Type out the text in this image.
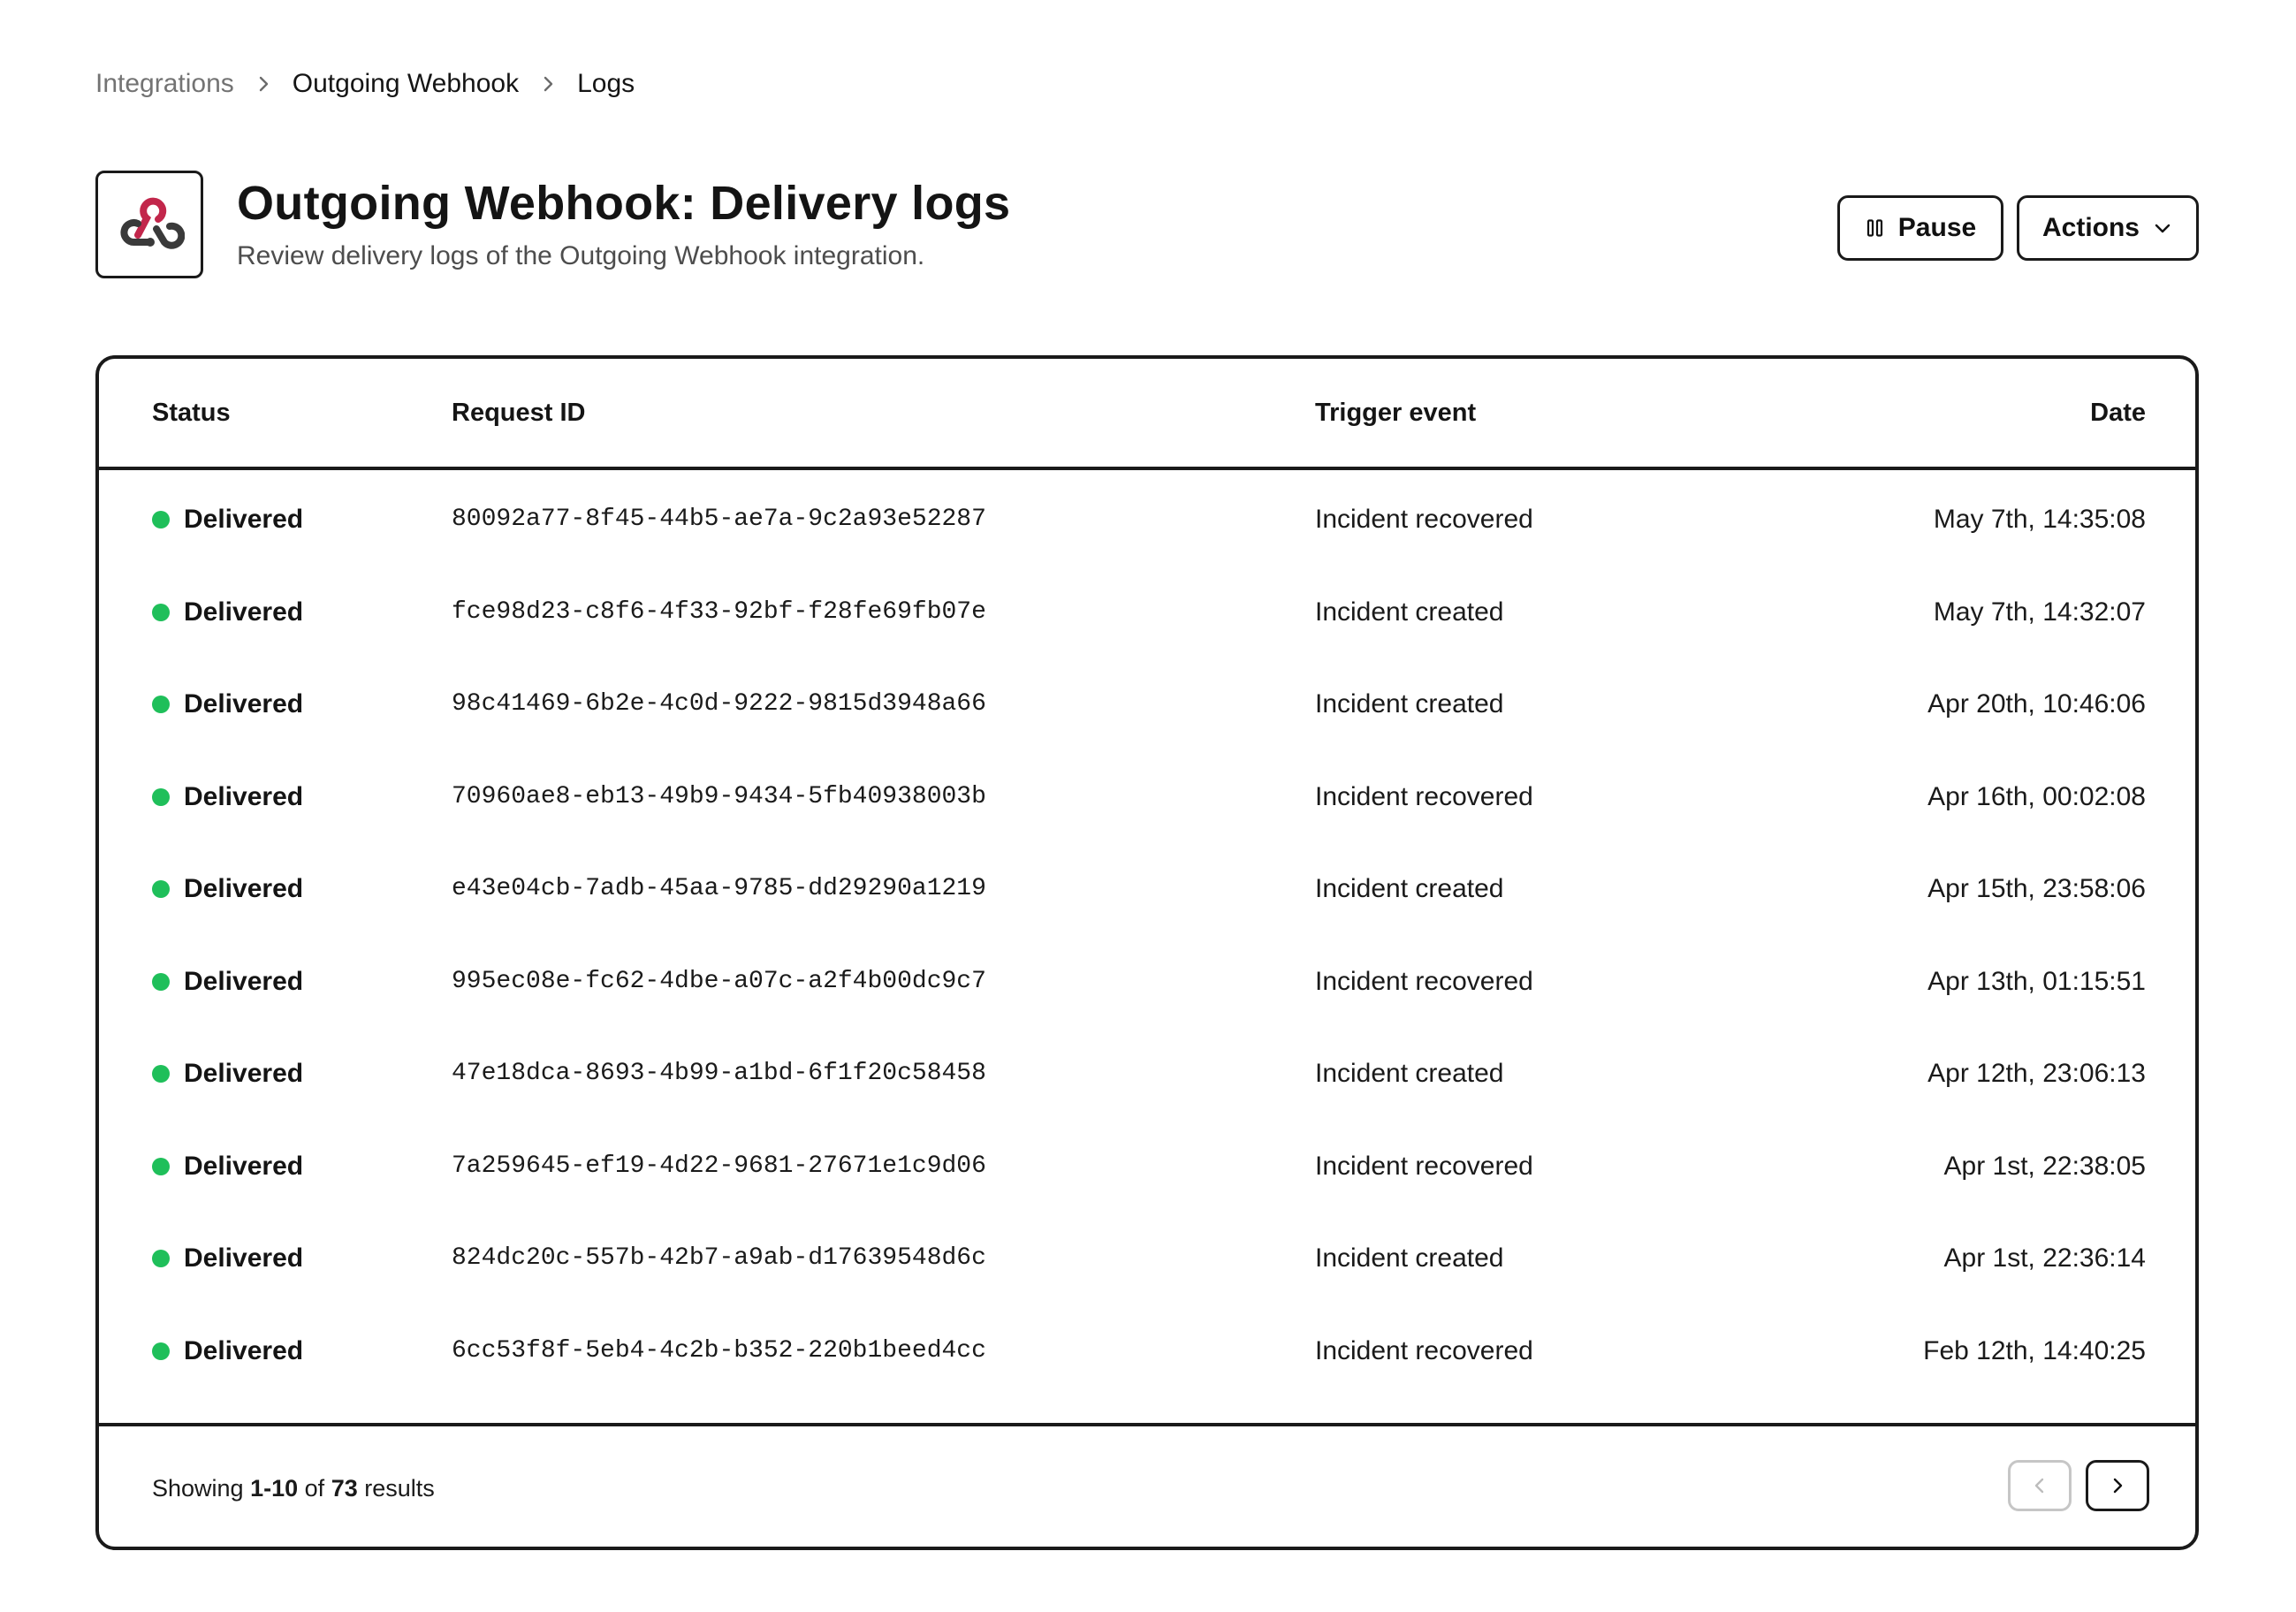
Integrations Outgoing Webhook Logs
Outgoing Webhook: Delivery logs
Review delivery logs of the Outgoing Webhook integration.
Pause Actions
Status	Request ID	Trigger event	Date
Delivered	80092a77-8f45-44b5-ae7a-9c2a93e52287	Incident recovered	May 7th, 14:35:08
Delivered	fce98d23-c8f6-4f33-92bf-f28fe69fb07e	Incident created	May 7th, 14:32:07
Delivered	98c41469-6b2e-4c0d-9222-9815d3948a66	Incident created	Apr 20th, 10:46:06
Delivered	70960ae8-eb13-49b9-9434-5fb40938003b	Incident recovered	Apr 16th, 00:02:08
Delivered	e43e04cb-7adb-45aa-9785-dd29290a1219	Incident created	Apr 15th, 23:58:06
Delivered	995ec08e-fc62-4dbe-a07c-a2f4b00dc9c7	Incident recovered	Apr 13th, 01:15:51
Delivered	47e18dca-8693-4b99-a1bd-6f1f20c58458	Incident created	Apr 12th, 23:06:13
Delivered	7a259645-ef19-4d22-9681-27671e1c9d06	Incident recovered	Apr 1st, 22:38:05
Delivered	824dc20c-557b-42b7-a9ab-d17639548d6c	Incident created	Apr 1st, 22:36:14
Delivered	6cc53f8f-5eb4-4c2b-b352-220b1beed4cc	Incident recovered	Feb 12th, 14:40:25
Showing 1-10 of 73 results
